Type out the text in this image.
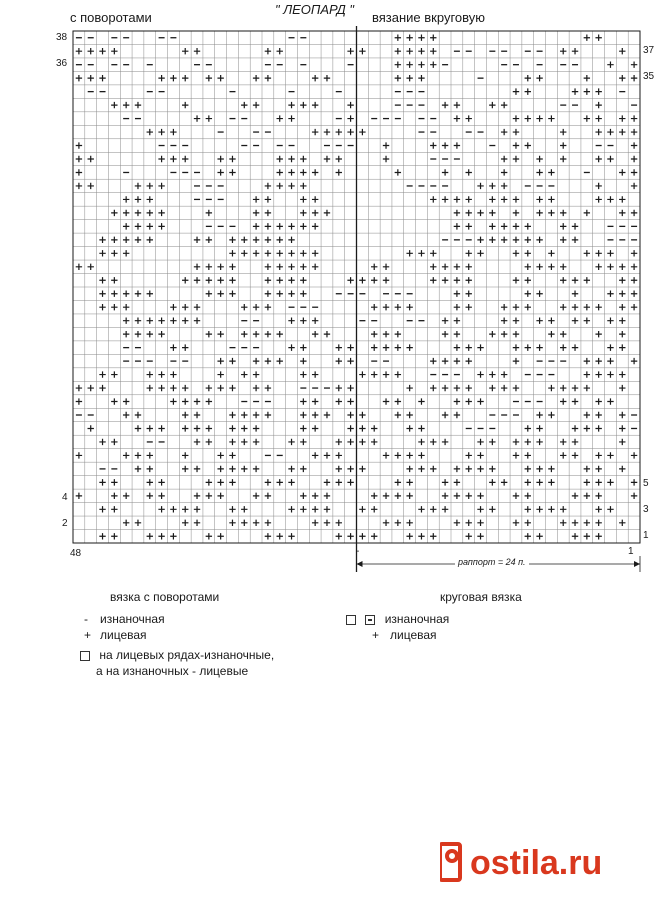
с поворотами
" ЛЕОПАРД "
вязание вкруговую
38
36
4
2
37
35
5
3
1
48	-	1
раппорт = 24 п.
вязка с поворотами
- изнаночная
+ лицевая
на лицевых рядах-изнаночные,
а на изнаночных - лицевые
круговая вязка
изнаночная
+ лицевая
ostila.ru
